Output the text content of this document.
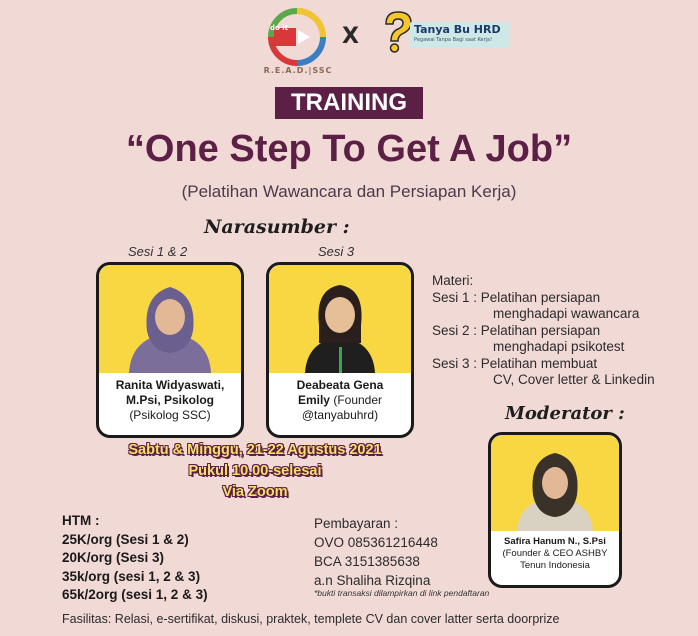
do it
R.E.A.D.|SSC
X	Tanya Bu HRD
Pegawai Tanpa Bagi saat Kerja!
TRAINING
“One Step To Get A Job”
(Pelatihan Wawancara dan Persiapan Kerja)
Narasumber :
Sesi 1 & 2
Ranita Widyaswati,
M.Psi, Psikolog
(Psikolog SSC)
Sesi 3
Deabeata Gena
Emily (Founder
@tanyabuhrd)
Materi:
Sesi 1 : Pelatihan persiapan
menghadapi wawancara
Sesi 2 : Pelatihan persiapan
menghadapi psikotest
Sesi 3 : Pelatihan membuat
CV, Cover letter & Linkedin
Moderator :
Safira Hanum N., S.Psi
(Founder & CEO ASHBY
Tenun Indonesia
Sabtu & Minggu, 21-22 Agustus 2021
Pukul 10.00-selesai
Via Zoom
HTM :
25K/org (Sesi 1 & 2)
20K/org (Sesi 3)
35k/org (sesi 1, 2 & 3)
65k/2org (sesi 1, 2 & 3)
Pembayaran :
OVO 085361216448
BCA 3151385638
a.n Shaliha Rizqina
*bukti transaksi dilampirkan di link pendaftaran
Fasilitas: Relasi, e-sertifikat, diskusi, praktek, templete CV dan cover latter serta doorprize
